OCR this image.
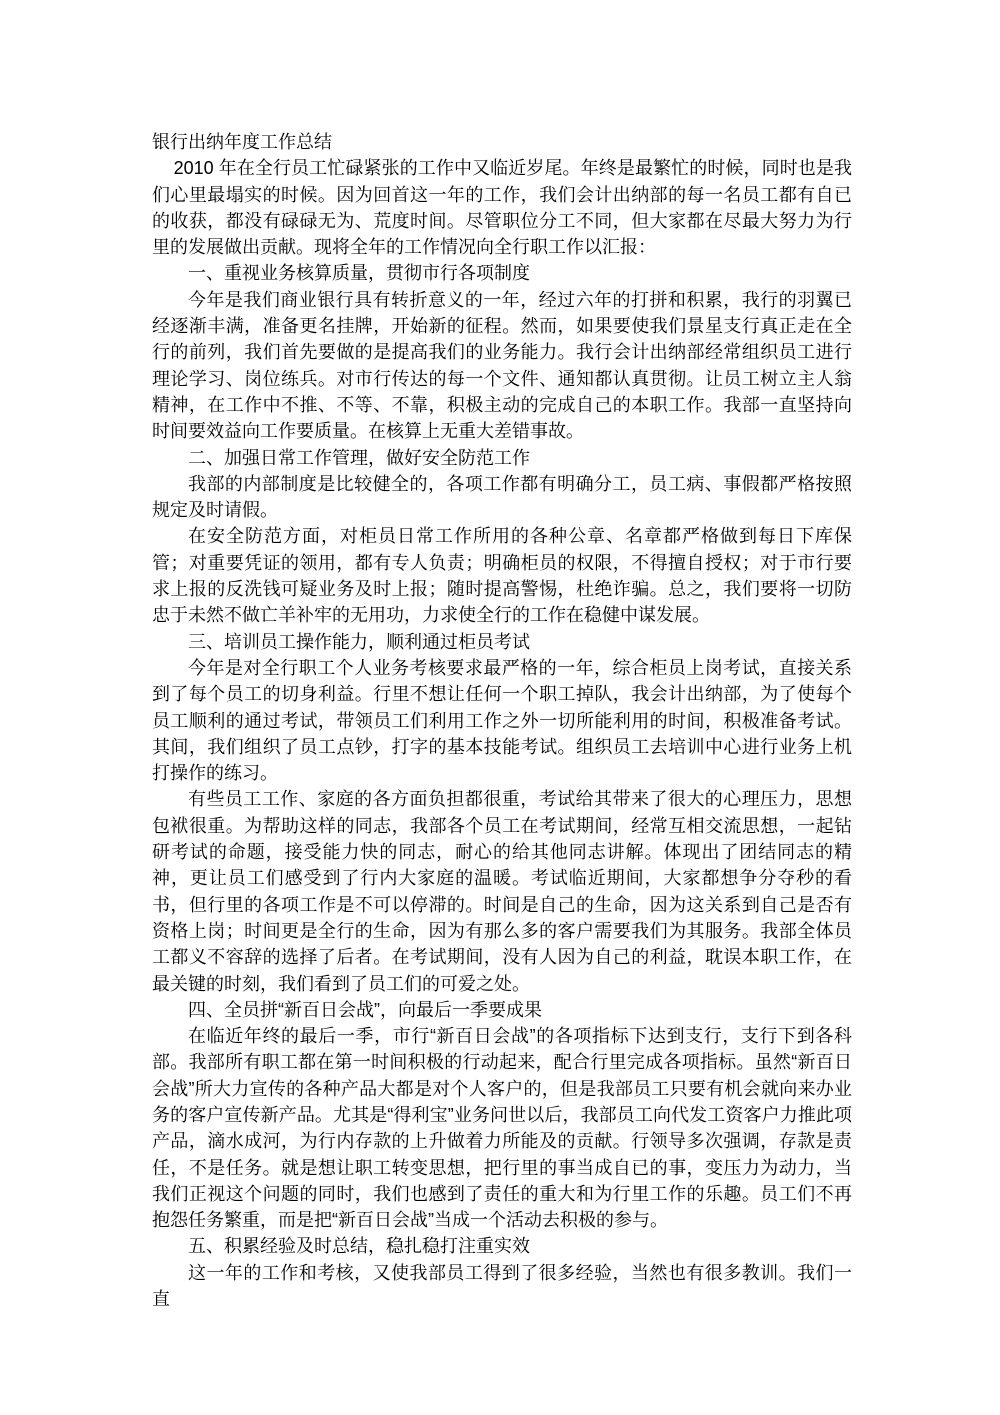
银行出纳年度工作总结

2010 年在全行员工忙碌紧张的工作中又临近岁尾。年终是最繁忙的时候，同时也是我们心里最塌实的时候。因为回首这一年的工作，我们会计出纳部的每一名员工都有自已的收获，都没有碌碌无为、荒度时间。尽管职位分工不同，但大家都在尽最大努力为行里的发展做出贡献。现将全年的工作情况向全行职工作以汇报：

一、重视业务核算质量，贯彻市行各项制度

今年是我们商业银行具有转折意义的一年，经过六年的打拼和积累，我行的羽翼已经逐渐丰满，准备更名挂牌，开始新的征程。然而，如果要使我们景星支行真正走在全行的前列，我们首先要做的是提高我们的业务能力。我行会计出纳部经常组织员工进行理论学习、岗位练兵。对市行传达的每一个文件、通知都认真贯彻。让员工树立主人翁精神，在工作中不推、不等、不靠，积极主动的完成自己的本职工作。我部一直坚持向时间要效益向工作要质量。在核算上无重大差错事故。

二、加强日常工作管理，做好安全防范工作

我部的内部制度是比较健全的，各项工作都有明确分工，员工病、事假都严格按照规定及时请假。

在安全防范方面，对柜员日常工作所用的各种公章、名章都严格做到每日下库保管；对重要凭证的领用，都有专人负责；明确柜员的权限，不得擅自授权；对于市行要求上报的反洗钱可疑业务及时上报；随时提高警惕，杜绝诈骗。总之，我们要将一切防忠于未然不做亡羊补牢的无用功，力求使全行的工作在稳健中谋发展。

三、培训员工操作能力，顺利通过柜员考试

今年是对全行职工个人业务考核要求最严格的一年，综合柜员上岗考试，直接关系到了每个员工的切身利益。行里不想让任何一个职工掉队，我会计出纳部，为了使每个员工顺利的通过考试，带领员工们利用工作之外一切所能利用的时间，积极准备考试。其间，我们组织了员工点钞，打字的基本技能考试。组织员工去培训中心进行业务上机打操作的练习。

有些员工工作、家庭的各方面负担都很重，考试给其带来了很大的心理压力，思想包袱很重。为帮助这样的同志，我部各个员工在考试期间，经常互相交流思想，一起钻研考试的命题，接受能力快的同志，耐心的给其他同志讲解。体现出了团结同志的精神，更让员工们感受到了行内大家庭的温暖。考试临近期间，大家都想争分夺秒的看书，但行里的各项工作是不可以停滞的。时间是自己的生命，因为这关系到自己是否有资格上岗；时间更是全行的生命，因为有那么多的客户需要我们为其服务。我部全体员工都义不容辞的选择了后者。在考试期间，没有人因为自己的利益，耽误本职工作，在最关键的时刻，我们看到了员工们的可爱之处。

四、全员拼“新百日会战”，向最后一季要成果

在临近年终的最后一季，市行“新百日会战”的各项指标下达到支行，支行下到各科部。我部所有职工都在第一时间积极的行动起来，配合行里完成各项指标。虽然“新百日会战”所大力宣传的各种产品大都是对个人客户的，但是我部员工只要有机会就向来办业务的客户宣传新产品。尤其是“得利宝”业务问世以后，我部员工向代发工资客户力推此项产品，滴水成河，为行内存款的上升做着力所能及的贡献。行领导多次强调，存款是责任，不是任务。就是想让职工转变思想，把行里的事当成自已的事，变压力为动力，当我们正视这个问题的同时，我们也感到了责任的重大和为行里工作的乐趣。员工们不再抱怨任务繁重，而是把“新百日会战”当成一个活动去积极的参与。

五、积累经验及时总结，稳扎稳打注重实效

这一年的工作和考核，又使我部员工得到了很多经验，当然也有很多教训。我们一直
